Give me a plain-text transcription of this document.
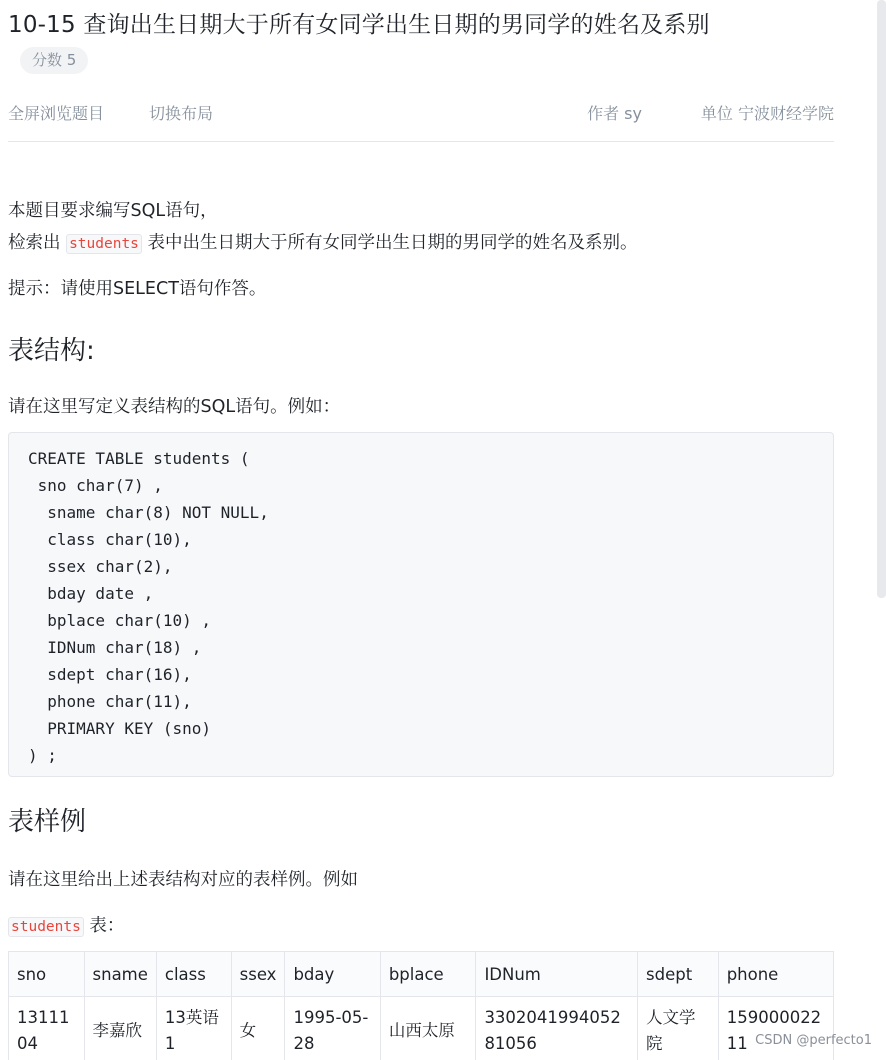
10-15 查询出生日期大于所有女同学出生日期的男同学的姓名及系别
分数 5
全屏浏览题目	切换布局	作者 sy	单位 宁波财经学院
本题目要求编写SQL语句，
检索出 students 表中出生日期大于所有女同学出生日期的男同学的姓名及系别。
提示：请使用SELECT语句作答。
表结构:
请在这里写定义表结构的SQL语句。例如：
CREATE TABLE students (
sno char(7) ,
sname char(8) NOT NULL,
class char(10),
ssex char(2),
bday date ,
bplace char(10) ,
IDNum char(18) ,
sdept char(16),
phone char(11),
PRIMARY KEY (sno)
) ;
表样例
请在这里给出上述表结构对应的表样例。例如
students 表：
sno	sname	class	ssex	bday	bplace	IDNum	sdept	phone
1311104	李嘉欣	13英语1	女	1995-05-28	山西太原	330204199405281056	人文学院	15900002211 CSDN @perfecto1
